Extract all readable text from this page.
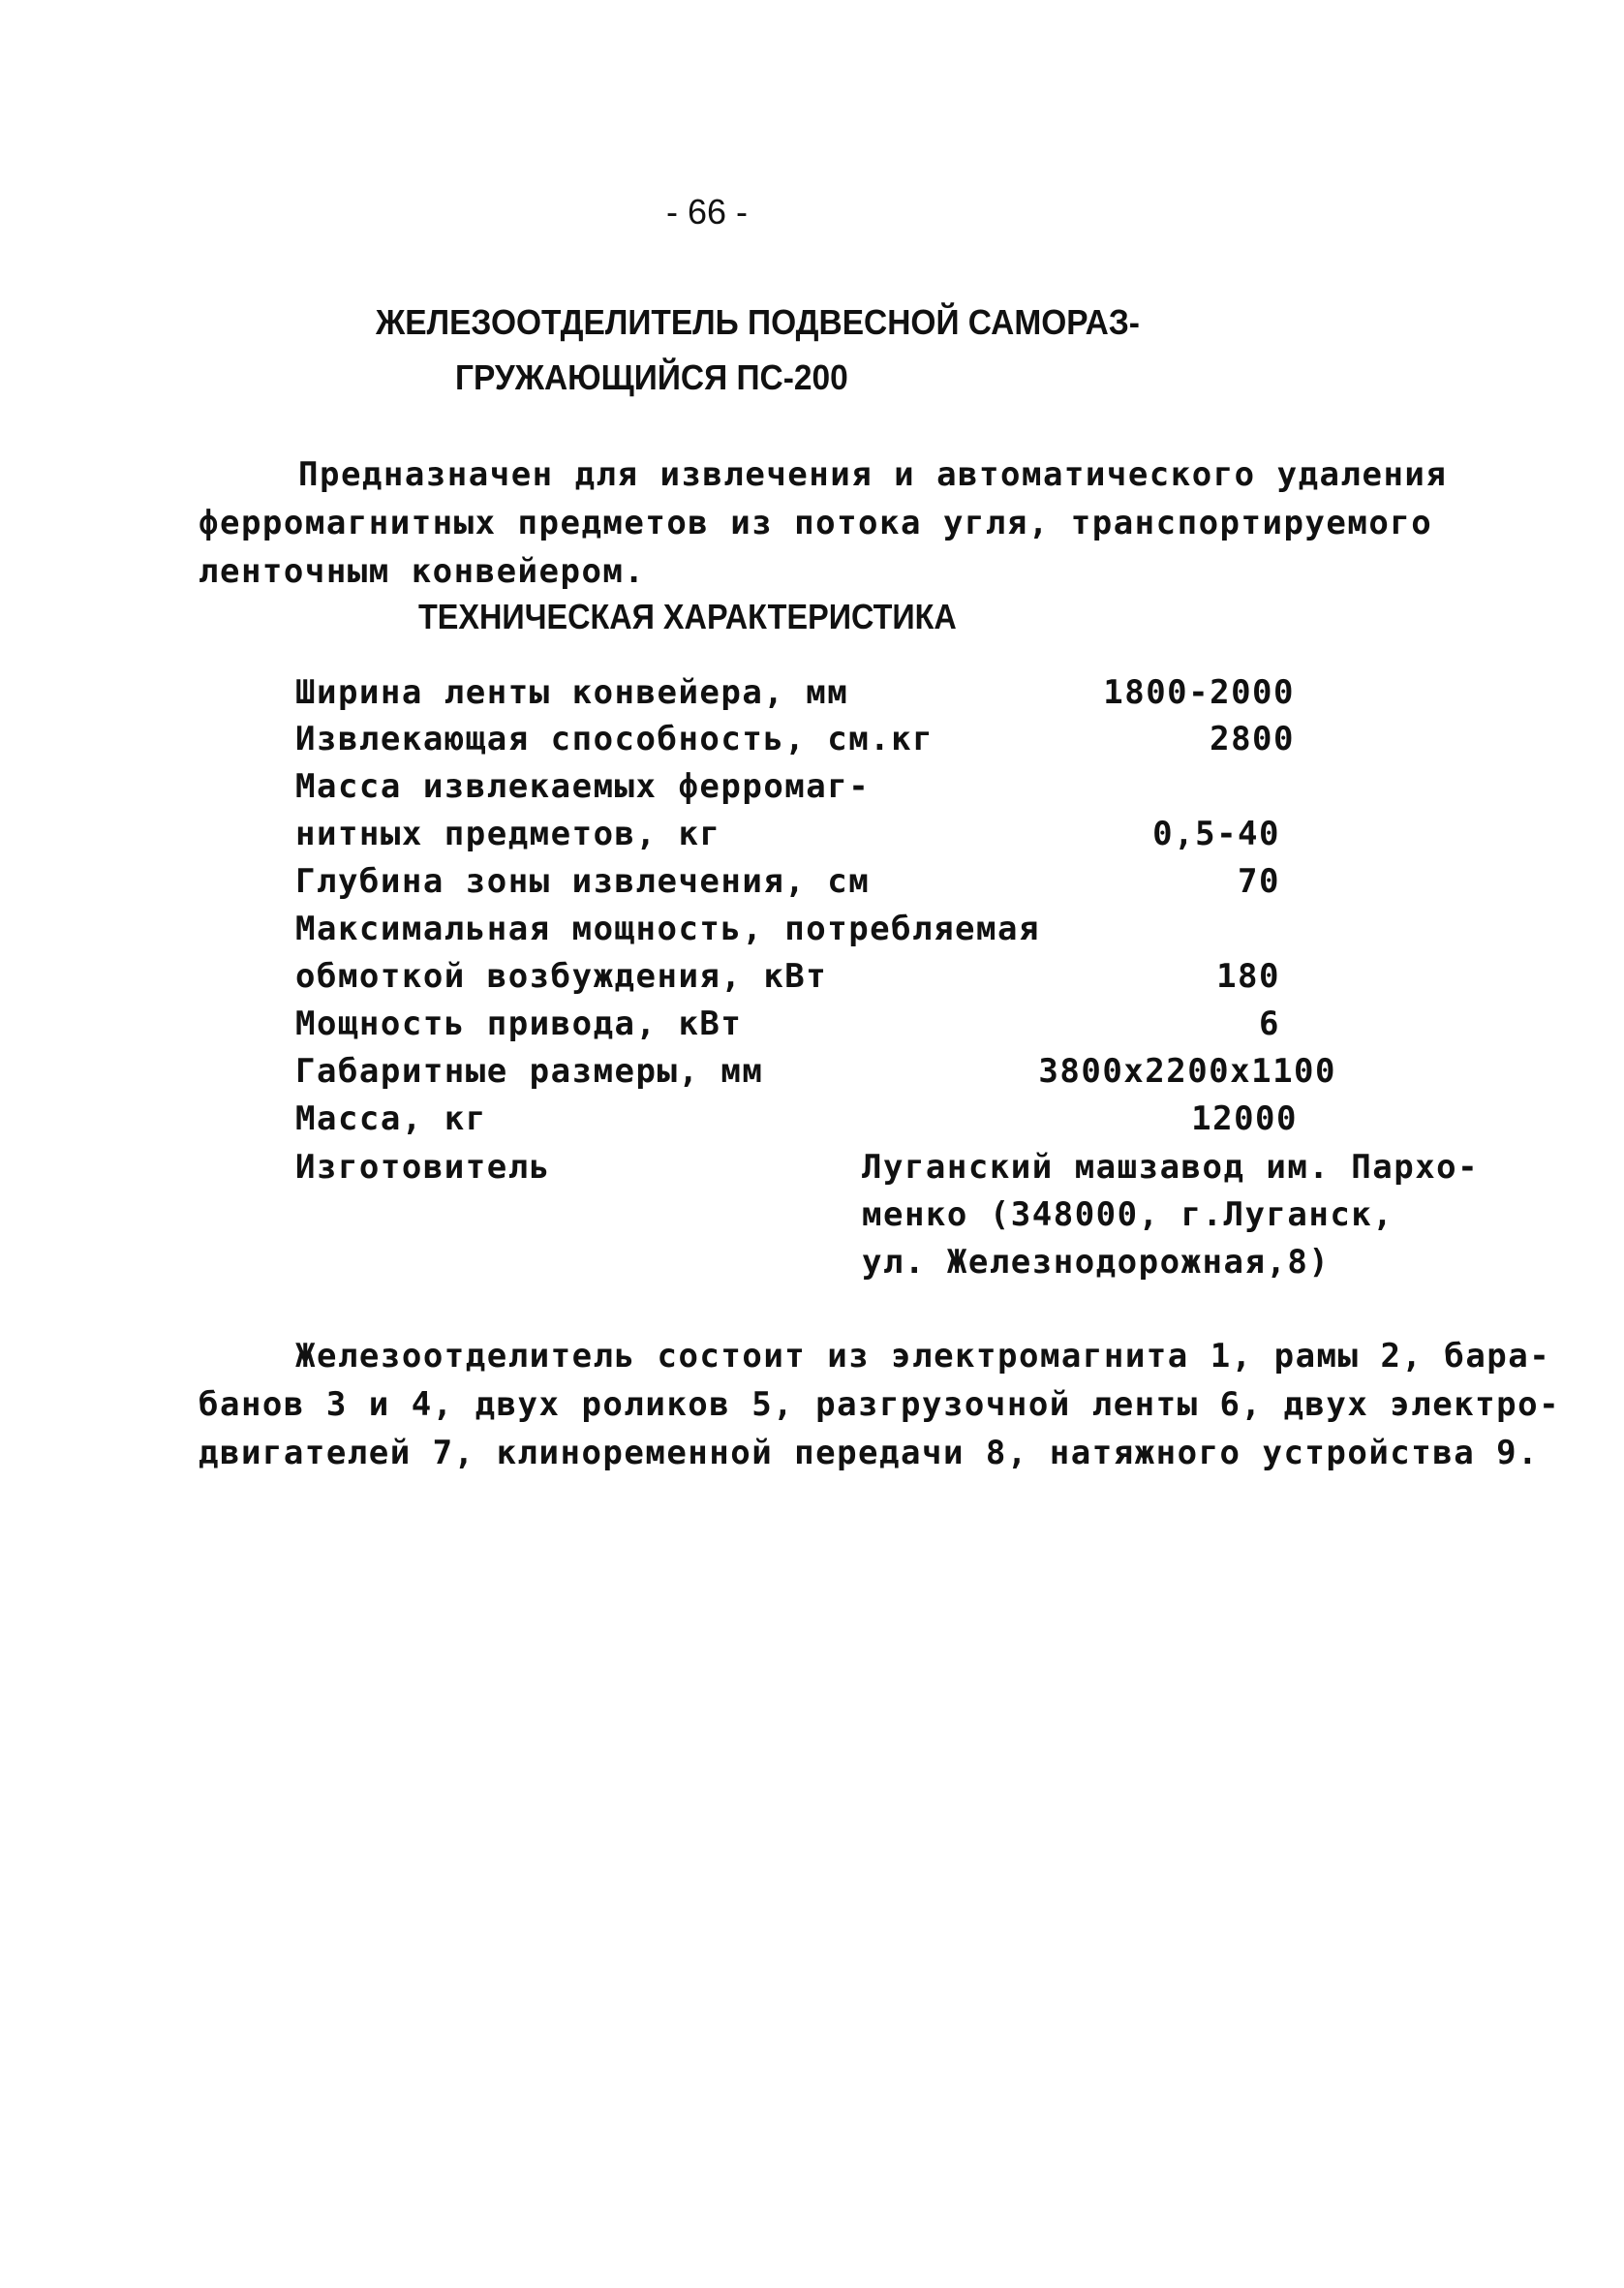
- 66 -
ЖЕЛЕЗООТДЕЛИТЕЛЬ ПОДВЕСНОЙ САМОРАЗ-
ГРУЖАЮЩИЙСЯ ПС-200
Предназначен для извлечения и автоматического удаления
ферромагнитных предметов из потока угля, транспортируемого
ленточным конвейером.
ТЕХНИЧЕСКАЯ ХАРАКТЕРИСТИКА
Ширина ленты конвейера, мм	1800-2000
Извлекающая способность, см.кг	2800
Масса извлекаемых ферромаг-
нитных предметов, кг	0,5-40
Глубина зоны извлечения, см	70
Максимальная мощность, потребляемая
обмоткой возбуждения, кВт	180
Мощность привода, кВт	6
Габаритные размеры, мм	3800x2200x1100
Масса, кг	12000
Изготовитель	Луганский машзавод им. Пархо-
менко (348000, г.Луганск,
ул. Железнодорожная,8)
Железоотделитель состоит из электромагнита 1, рамы 2, бара-
банов 3 и 4, двух роликов 5, разгрузочной ленты 6, двух электро-
двигателей 7, клиноременной передачи 8, натяжного устройства 9.
